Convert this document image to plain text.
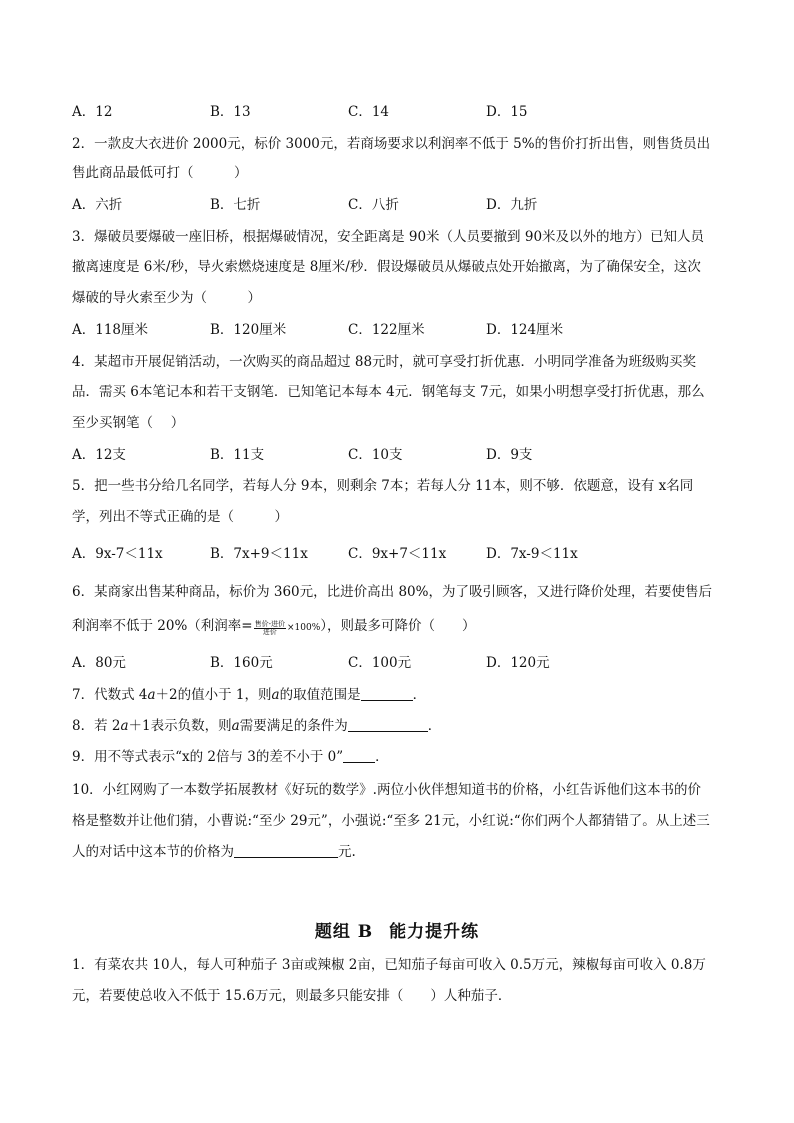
A．12	B．13	C．14	D．15
2．一款皮大衣进价 2000元，标价 3000元，若商场要求以利润率不低于 5%的售价打折出售，则售货员出
售此商品最低可打（　　　）
A．六折	B．七折	C．八折	D．九折
3．爆破员要爆破一座旧桥，根据爆破情况，安全距离是 90米（人员要撤到 90米及以外的地方）已知人员
撤离速度是 6米/秒，导火索燃烧速度是 8厘米/秒．假设爆破员从爆破点处开始撤离，为了确保安全，这次
爆破的导火索至少为（　　　）
A．118厘米	B．120厘米	C．122厘米	D．124厘米
4．某超市开展促销活动，一次购买的商品超过 88元时，就可享受打折优惠．小明同学准备为班级购买奖
品．需买 6本笔记本和若干支钢笔．已知笔记本每本 4元．钢笔每支 7元，如果小明想享受打折优惠，那么
至少买钢笔（　 ）
A．12支	B．11支	C．10支	D．9支
5．把一些书分给几名同学，若每人分 9本，则剩余 7本；若每人分 11本，则不够．依题意，设有 x名同
学，列出不等式正确的是（　　　）
A．9x-7＜11x	B．7x+9＜11x	C．9x+7＜11x	D．7x-9＜11x
6．某商家出售某种商品，标价为 360元，比进价高出 80%，为了吸引顾客，又进行降价处理，若要使售后
利润率不低于 20%（利润率= $\frac{\text{售价-进价}}{\text{进价}} \times 100\%$），则最多可降价（　　）
A．80元	B．160元	C．100元	D．120元
7．代数式 4a＋2的值小于 1，则a的取值范围是	．
8．若 2a＋1表示负数，则a需要满足的条件为	．
9．用不等式表示“x的 2倍与 3的差不小于 0” ．
10．小红网购了一本数学拓展教材《好玩的数学》.两位小伙伴想知道书的价格，小红告诉他们这本书的价
格是整数并让他们猜，小曹说:“至少 29元”，小强说:“至多 21元，小红说:“你们两个人都猜错了。从上述三
人的对话中这本节的价格为	元.
题组 B 能力提升练
1．有菜农共 10人，每人可种茄子 3亩或辣椒 2亩，已知茄子每亩可收入 0.5万元，辣椒每亩可收入 0.8万
元，若要使总收入不低于 15.6万元，则最多只能安排（　　）人种茄子．
